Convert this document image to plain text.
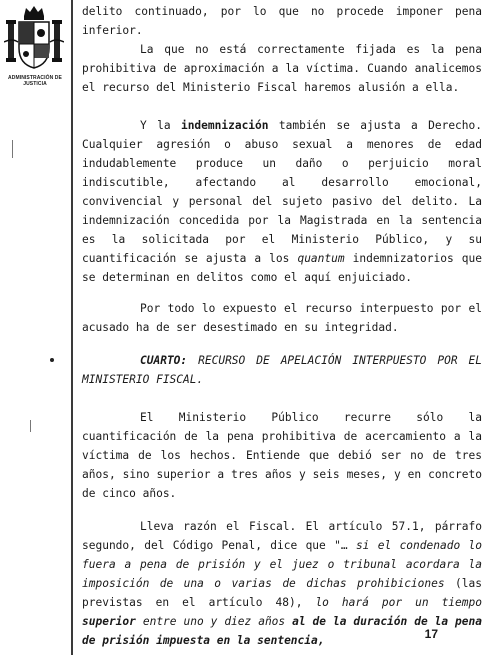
ADMINISTRACIÓN DE JUSTICIA

delito continuado, por lo que no procede imponer pena inferior.

La que no está correctamente fijada es la pena prohibitiva de aproximación a la víctima. Cuando analicemos el recurso del Ministerio Fiscal haremos alusión a ella.

Y la indemnización también se ajusta a Derecho. Cualquier agresión o abuso sexual a menores de edad indudablemente produce un daño o perjuicio moral indiscutible, afectando al desarrollo emocional, convivencial y personal del sujeto pasivo del delito. La indemnización concedida por la Magistrada en la sentencia es la solicitada por el Ministerio Público, y su cuantificación se ajusta a los quantum indemnizatorios que se determinan en delitos como el aquí enjuiciado.

Por todo lo expuesto el recurso interpuesto por el acusado ha de ser desestimado en su integridad.

CUARTO: RECURSO DE APELACIÓN INTERPUESTO POR EL MINISTERIO FISCAL.

El Ministerio Público recurre sólo la cuantificación de la pena prohibitiva de acercamiento a la víctima de los hechos. Entiende que debió ser no de tres años, sino superior a tres años y seis meses, y en concreto de cinco años.

Lleva razón el Fiscal. El artículo 57.1, párrafo segundo, del Código Penal, dice que "… si el condenado lo fuera a pena de prisión y el juez o tribunal acordara la imposición de una o varias de dichas prohibiciones (las previstas en el artículo 48), lo hará por un tiempo superior entre uno y diez años al de la duración de la pena de prisión impuesta en la sentencia,	17
